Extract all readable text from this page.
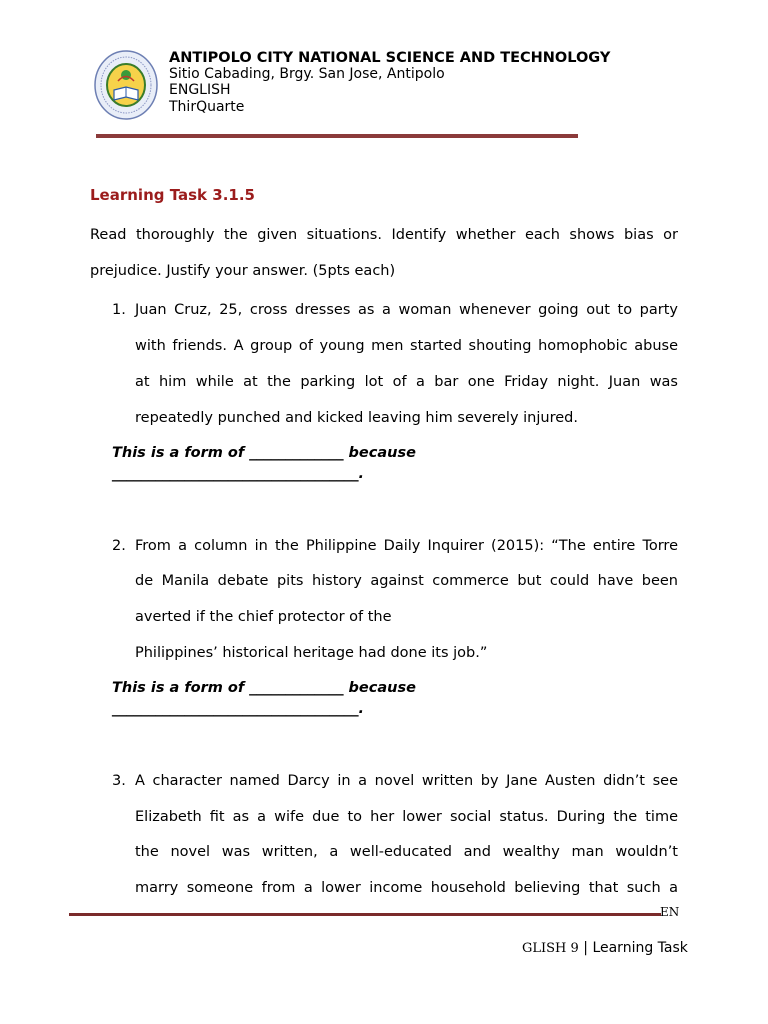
ANTIPOLO CITY NATIONAL SCIENCE AND TECHNOLOGY
Sitio Cabading, Brgy. San Jose, Antipolo
ENGLISH
ThirQuarte
Learning Task 3.1.5
Read thoroughly the given situations. Identify whether each shows bias or
prejudice. Justify your answer. (5pts each)
1. Juan Cruz, 25, cross dresses as a woman whenever going out to party
with friends. A group of young men started shouting homophobic abuse
at him while at the parking lot of a bar one Friday night. Juan was
repeatedly punched and kicked leaving him severely injured.
This is a form of _____________ because
__________________________________.
2. From a column in the Philippine Daily Inquirer (2015): “The entire Torre
de Manila debate pits history against commerce but could have been
averted if the chief protector of the
Philippines’ historical heritage had done its job.”
This is a form of _____________ because
__________________________________.
3. A character named Darcy in a novel written by Jane Austen didn’t see
Elizabeth fit as a wife due to her lower social status. During the time
the novel was written, a well-educated and wealthy man wouldn’t
marry someone from a lower income household believing that such a
EN
GLISH 9 | Learning Task
